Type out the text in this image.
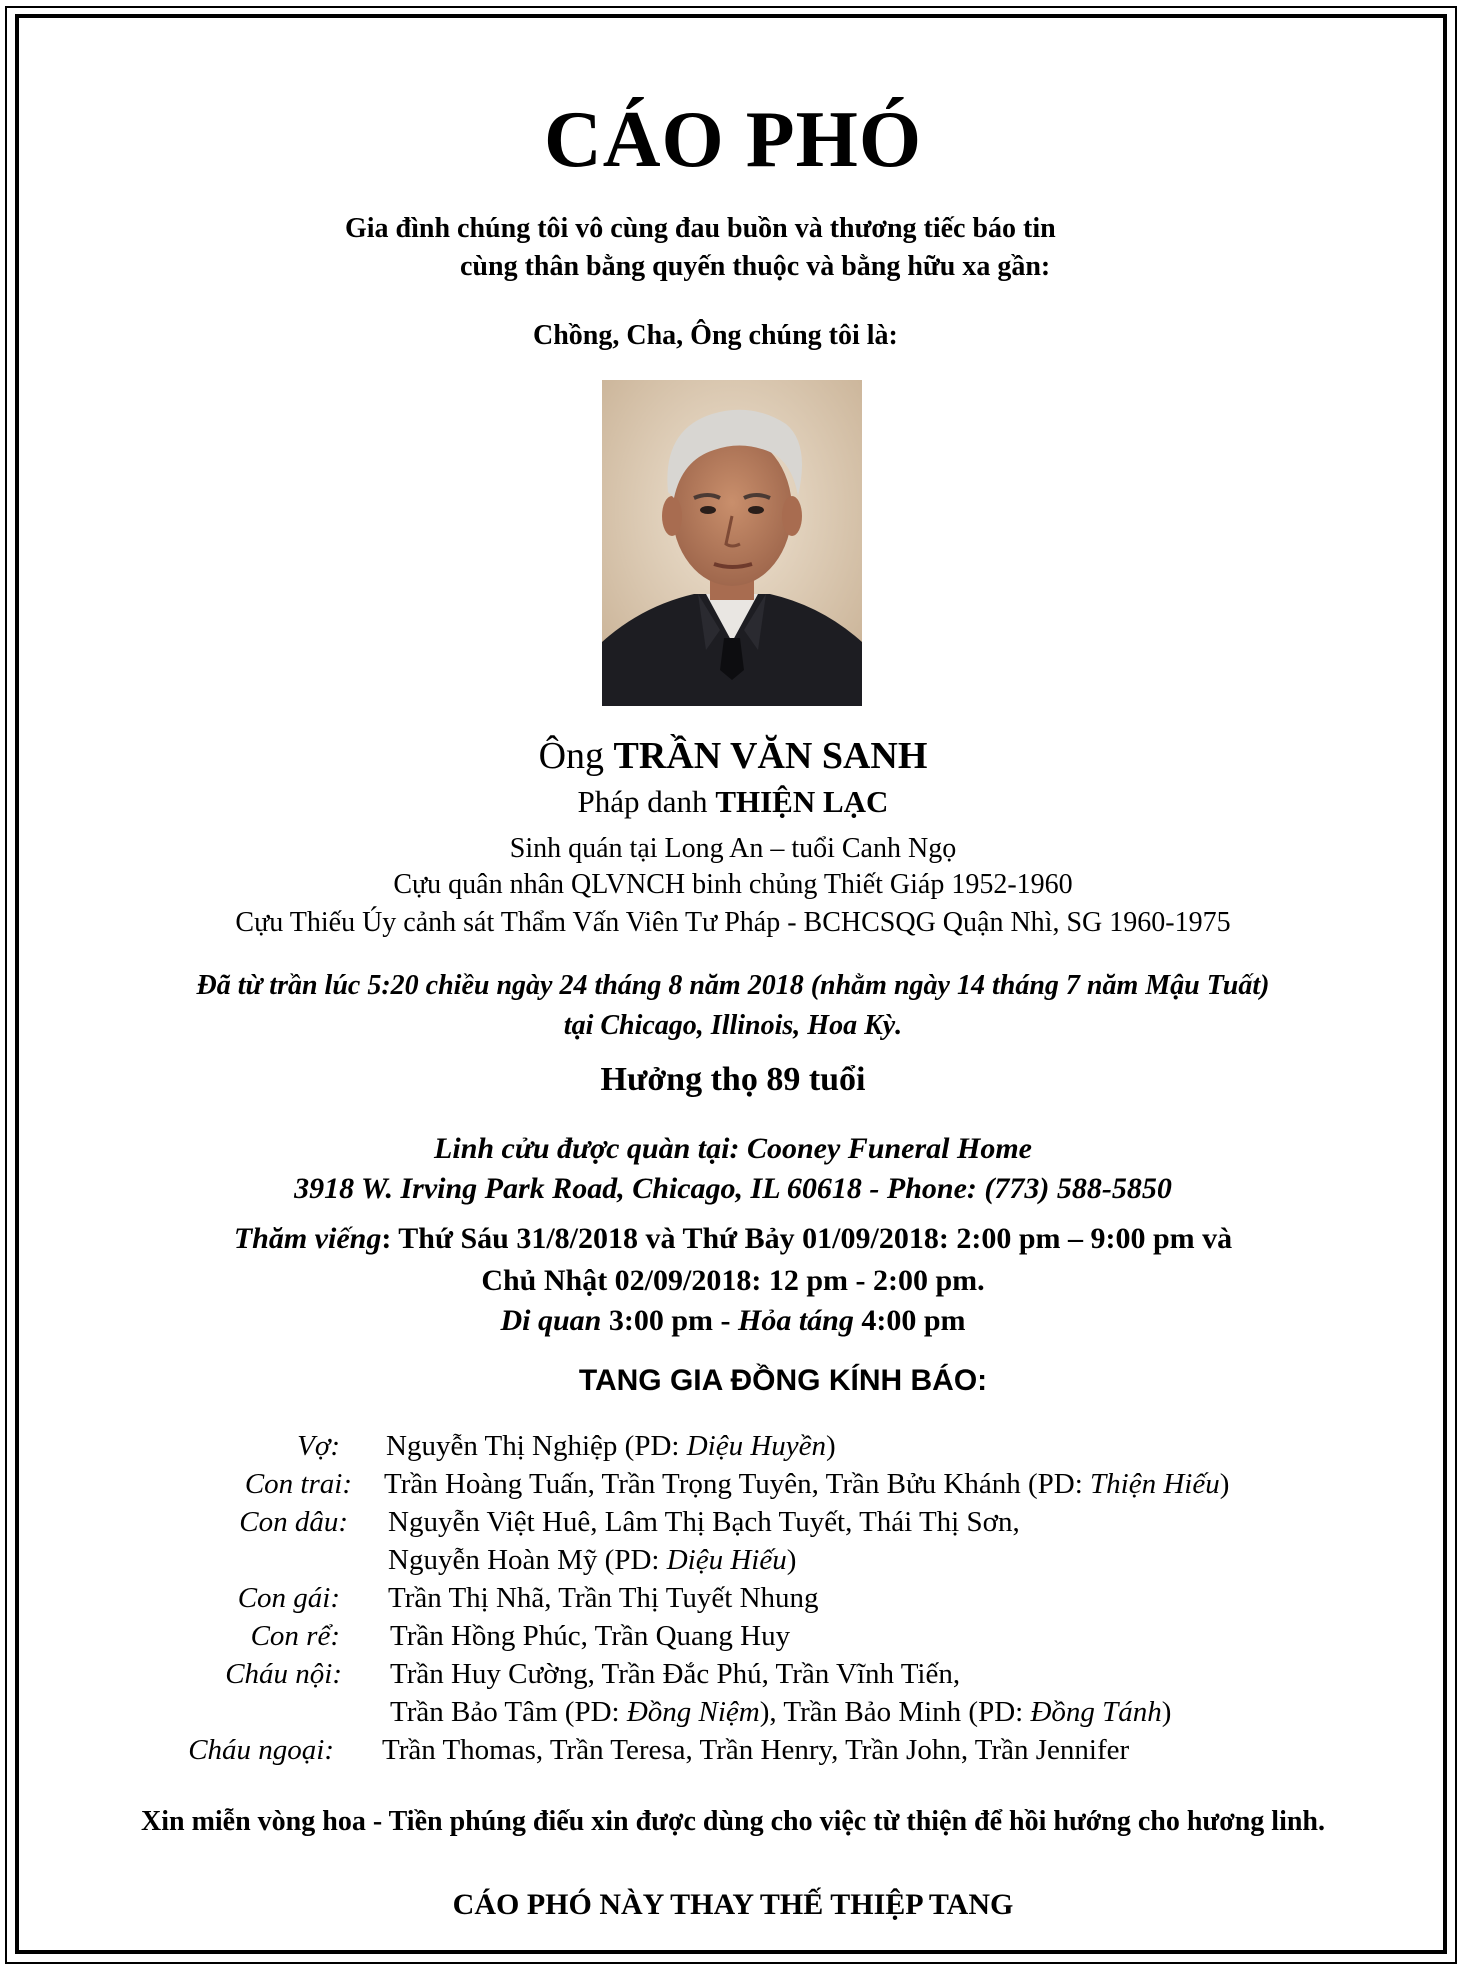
CÁO PHÓ
Gia đình chúng tôi vô cùng đau buồn và thương tiếc báo tin
cùng thân bằng quyến thuộc và bằng hữu xa gần:
Chồng, Cha, Ông chúng tôi là:
Ông TRẦN VĂN SANH
Pháp danh THIỆN LẠC
Sinh quán tại Long An – tuổi Canh Ngọ
Cựu quân nhân QLVNCH binh chủng Thiết Giáp 1952-1960
Cựu Thiếu Úy cảnh sát Thẩm Vấn Viên Tư Pháp - BCHCSQG Quận Nhì, SG 1960-1975
Đã từ trần lúc 5:20 chiều ngày 24 tháng 8 năm 2018 (nhằm ngày 14 tháng 7 năm Mậu Tuất)
tại Chicago, Illinois, Hoa Kỳ.
Hưởng thọ 89 tuổi
Linh cửu được quàn tại: Cooney Funeral Home
3918 W. Irving Park Road, Chicago, IL 60618 - Phone: (773) 588-5850
Thăm viếng: Thứ Sáu 31/8/2018 và Thứ Bảy 01/09/2018: 2:00 pm – 9:00 pm và
Chủ Nhật 02/09/2018: 12 pm - 2:00 pm.
Di quan 3:00 pm - Hỏa táng 4:00 pm
TANG GIA ĐỒNG KÍNH BÁO:
Vợ: Nguyễn Thị Nghiệp (PD: Diệu Huyền)
Con trai: Trần Hoàng Tuấn, Trần Trọng Tuyên, Trần Bửu Khánh (PD: Thiện Hiếu)
Con dâu: Nguyễn Việt Huê, Lâm Thị Bạch Tuyết, Thái Thị Sơn,
Nguyễn Hoàn Mỹ (PD: Diệu Hiếu)
Con gái: Trần Thị Nhã, Trần Thị Tuyết Nhung
Con rể: Trần Hồng Phúc, Trần Quang Huy
Cháu nội: Trần Huy Cường, Trần Đắc Phú, Trần Vĩnh Tiến,
Trần Bảo Tâm (PD: Đồng Niệm), Trần Bảo Minh (PD: Đồng Tánh)
Cháu ngoại: Trần Thomas, Trần Teresa, Trần Henry, Trần John, Trần Jennifer
Xin miễn vòng hoa - Tiền phúng điếu xin được dùng cho việc từ thiện để hồi hướng cho hương linh.
CÁO PHÓ NÀY THAY THẾ THIỆP TANG
